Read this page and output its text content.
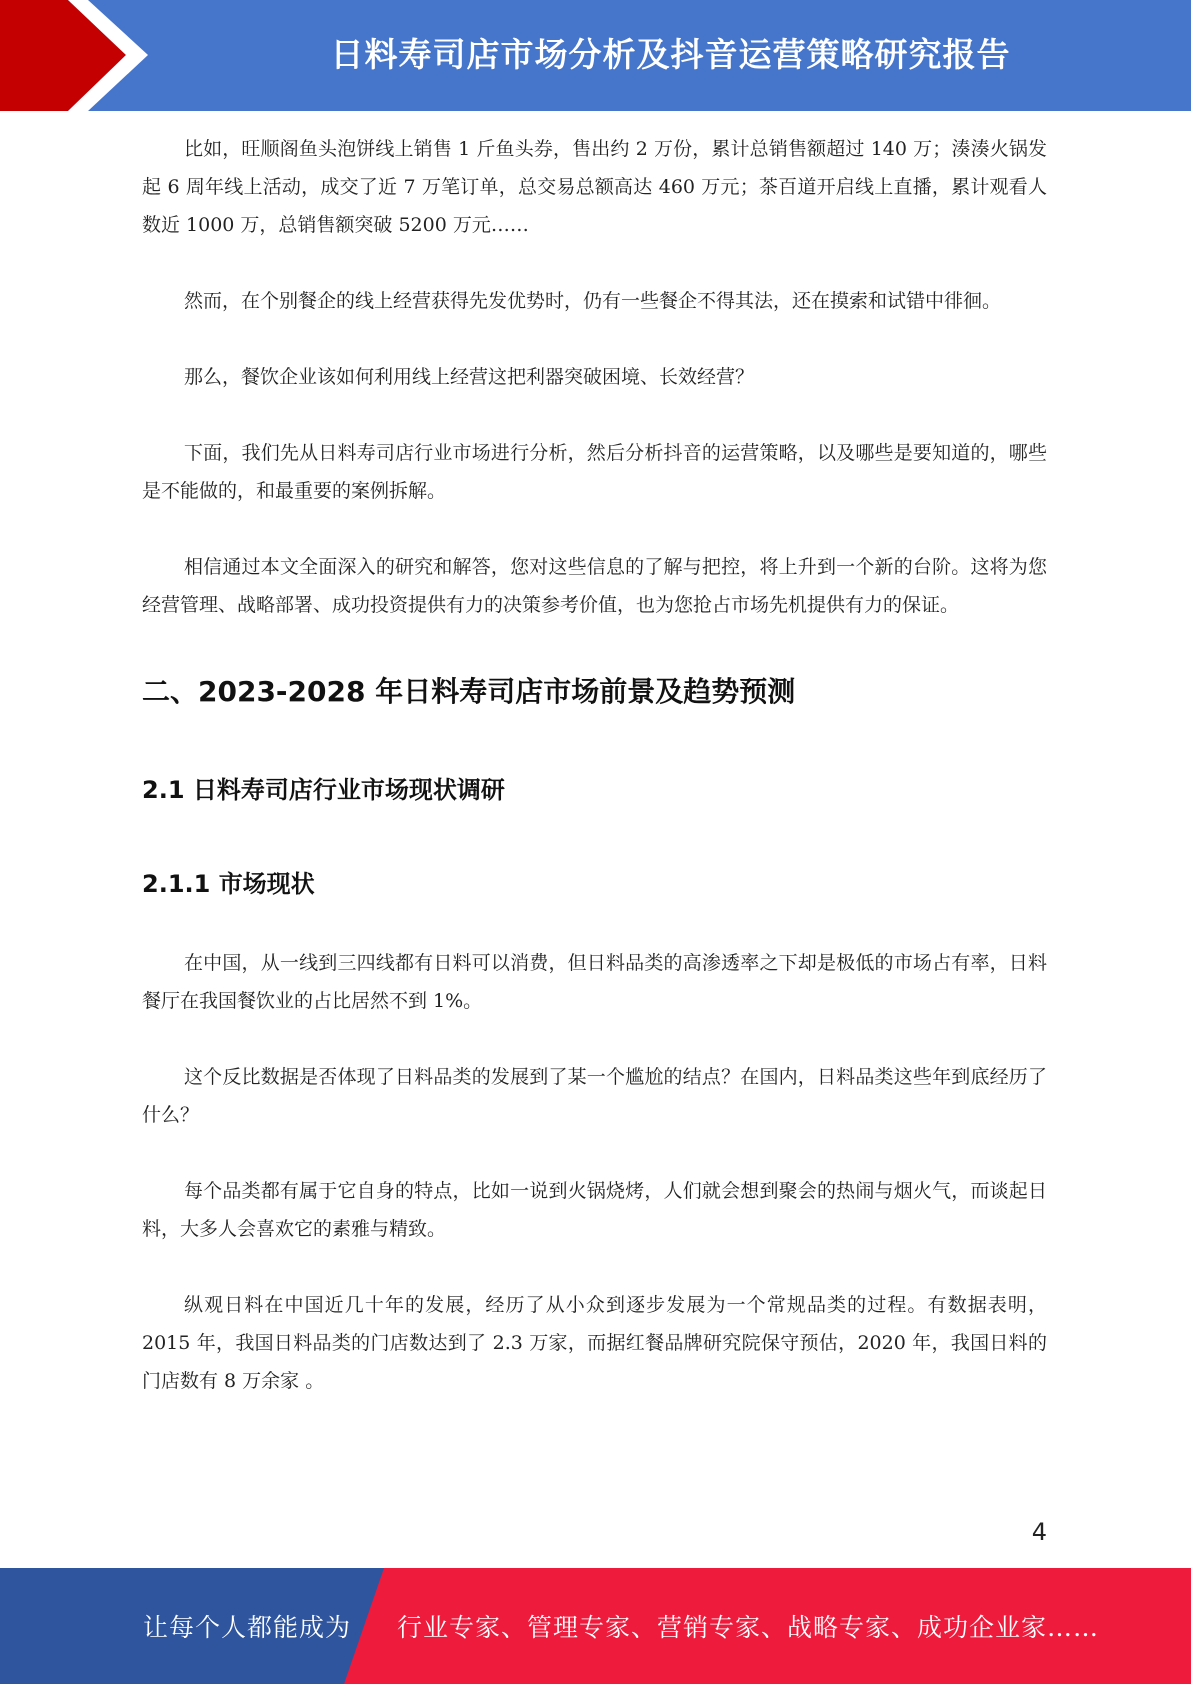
日料寿司店市场分析及抖音运营策略研究报告

比如，旺顺阁鱼头泡饼线上销售 1 斤鱼头券，售出约 2 万份，累计总销售额超过 140 万；湊湊火锅发起 6 周年线上活动，成交了近 7 万笔订单，总交易总额高达 460 万元；茶百道开启线上直播，累计观看人数近 1000 万，总销售额突破 5200 万元……

然而，在个别餐企的线上经营获得先发优势时，仍有一些餐企不得其法，还在摸索和试错中徘徊。

那么，餐饮企业该如何利用线上经营这把利器突破困境、长效经营？

下面，我们先从日料寿司店行业市场进行分析，然后分析抖音的运营策略，以及哪些是要知道的，哪些是不能做的，和最重要的案例拆解。

相信通过本文全面深入的研究和解答，您对这些信息的了解与把控，将上升到一个新的台阶。这将为您经营管理、战略部署、成功投资提供有力的决策参考价值，也为您抢占市场先机提供有力的保证。

二、2023-2028 年日料寿司店市场前景及趋势预测
2.1 日料寿司店行业市场现状调研
2.1.1 市场现状

在中国，从一线到三四线都有日料可以消费，但日料品类的高渗透率之下却是极低的市场占有率，日料餐厅在我国餐饮业的占比居然不到 1%。

这个反比数据是否体现了日料品类的发展到了某一个尴尬的结点？在国内，日料品类这些年到底经历了什么？

每个品类都有属于它自身的特点，比如一说到火锅烧烤，人们就会想到聚会的热闹与烟火气，而谈起日料，大多人会喜欢它的素雅与精致。

纵观日料在中国近几十年的发展，经历了从小众到逐步发展为一个常规品类的过程。有数据表明，2015 年，我国日料品类的门店数达到了 2.3 万家，而据红餐品牌研究院保守预估，2020 年，我国日料的门店数有 8 万余家 。

4
让每个人都能成为 行业专家、管理专家、营销专家、战略专家、成功企业家……
